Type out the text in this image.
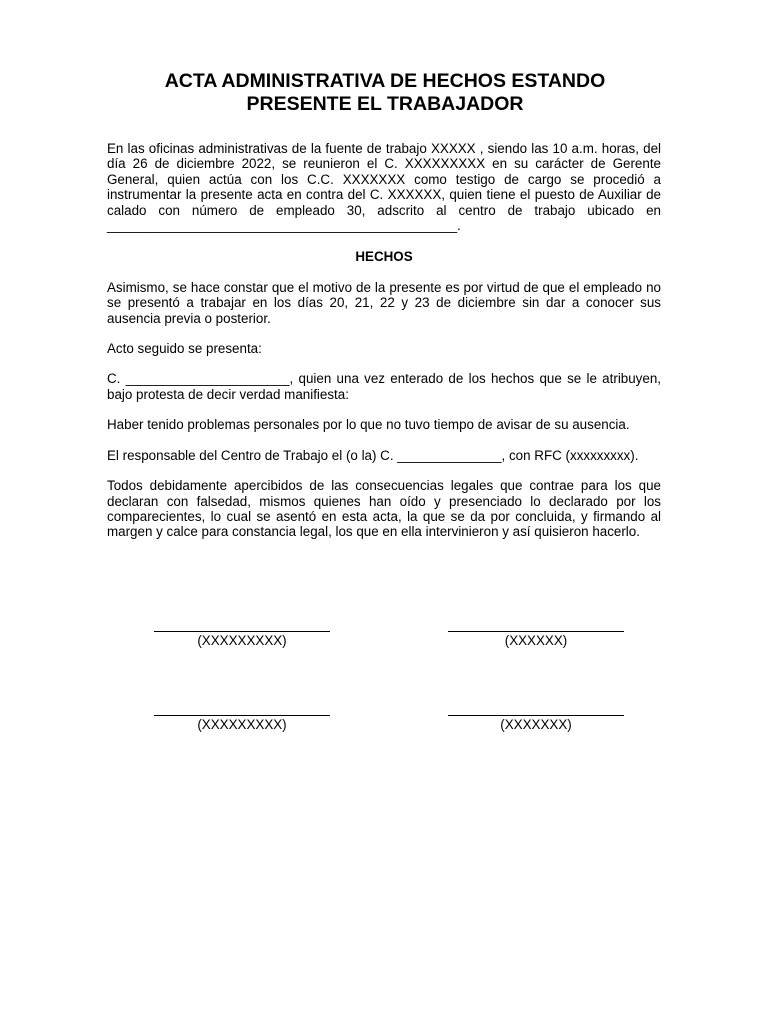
ACTA ADMINISTRATIVA DE HECHOS ESTANDO
PRESENTE EL TRABAJADOR

En las oficinas administrativas de la fuente de trabajo XXXXX , siendo las 10 a.m. horas, del día 26 de diciembre 2022, se reunieron el C. XXXXXXXXX en su carácter de Gerente General, quien actúa con los C.C. XXXXXXX como testigo de cargo se procedió a instrumentar la presente acta en contra del C. XXXXXX, quien tiene el puesto de Auxiliar de calado con número de empleado 30, adscrito al centro de trabajo ubicado en

_______________________________________________.

HECHOS

Asimismo, se hace constar que el motivo de la presente es por virtud de que el empleado no se presentó a trabajar en los días 20, 21, 22 y 23 de diciembre sin dar a conocer sus ausencia previa o posterior.

Acto seguido se presenta:

C. ______________________, quien una vez enterado de los hechos que se le atribuyen, bajo protesta de decir verdad manifiesta:

Haber tenido problemas personales por lo que no tuvo tiempo de avisar de su ausencia.

El responsable del Centro de Trabajo el (o la) C. ______________, con RFC (xxxxxxxxx).

Todos debidamente apercibidos de las consecuencias legales que contrae para los que declaran con falsedad, mismos quienes han oído y presenciado lo declarado por los comparecientes, lo cual se asentó en esta acta, la que se da por concluida, y firmando al margen y calce para constancia legal, los que en ella intervinieron y así quisieron hacerlo.

(XXXXXXXXX)	(XXXXXX)
(XXXXXXXXX)	(XXXXXXX)
